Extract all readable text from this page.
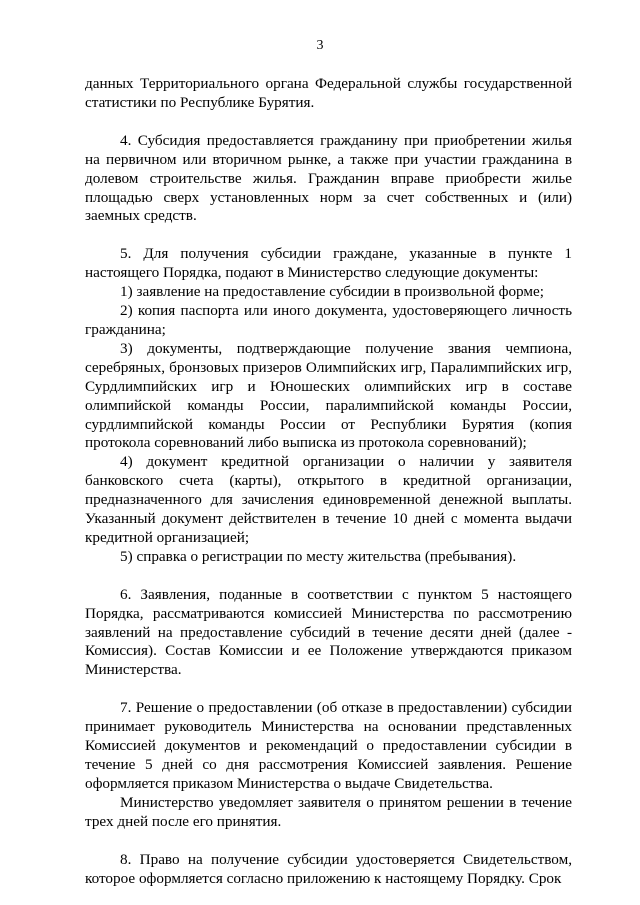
3

данных Территориального органа Федеральной службы государственной статистики по Республике Бурятия.

4. Субсидия предоставляется гражданину при приобретении жилья на первичном или вторичном рынке, а также при участии гражданина в долевом строительстве жилья. Гражданин вправе приобрести жилье площадью сверх установленных норм за счет собственных и (или) заемных средств.

5. Для получения субсидии граждане, указанные в пункте 1 настоящего Порядка, подают в Министерство следующие документы:

1) заявление на предоставление субсидии в произвольной форме;

2) копия паспорта или иного документа, удостоверяющего личность гражданина;

3) документы, подтверждающие получение звания чемпиона, серебряных, бронзовых призеров Олимпийских игр, Паралимпийских игр, Сурдлимпийских игр и Юношеских олимпийских игр в составе олимпийской команды России, паралимпийской команды России, сурдлимпийской команды России от Республики Бурятия (копия протокола соревнований либо выписка из протокола соревнований);

4) документ кредитной организации о наличии у заявителя банковского счета (карты), открытого в кредитной организации, предназначенного для зачисления единовременной денежной выплаты. Указанный документ действителен в течение 10 дней с момента выдачи кредитной организацией;

5) справка о регистрации по месту жительства (пребывания).

6. Заявления, поданные в соответствии с пунктом 5 настоящего Порядка, рассматриваются комиссией Министерства по рассмотрению заявлений на предоставление субсидий в течение десяти дней (далее - Комиссия). Состав Комиссии и ее Положение утверждаются приказом Министерства.

7. Решение о предоставлении (об отказе в предоставлении) субсидии принимает руководитель Министерства на основании представленных Комиссией документов и рекомендаций о предоставлении субсидии в течение 5 дней со дня рассмотрения Комиссией заявления. Решение оформляется приказом Министерства о выдаче Свидетельства.

Министерство уведомляет заявителя о принятом решении в течение трех дней после его принятия.

8. Право на получение субсидии удостоверяется Свидетельством, которое оформляется согласно приложению к настоящему Порядку. Срок
